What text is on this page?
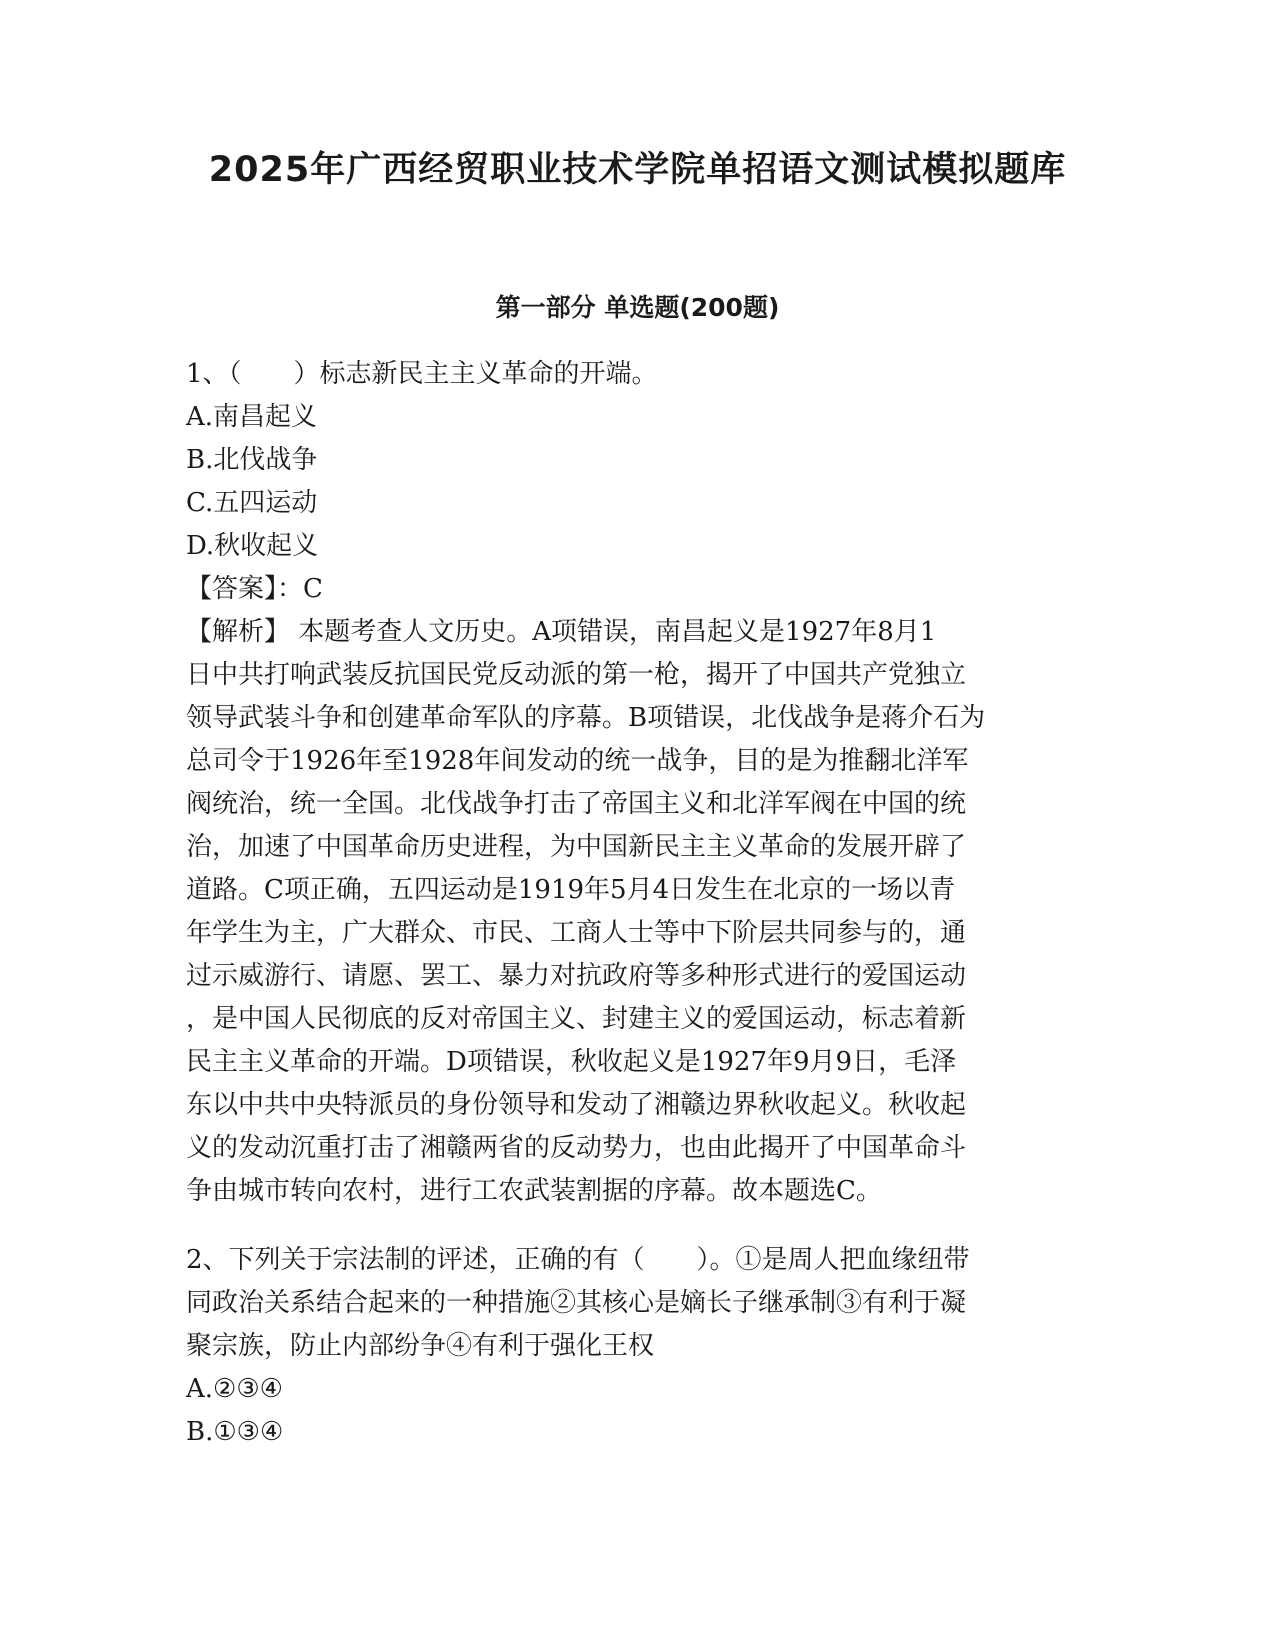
2025年广西经贸职业技术学院单招语文测试模拟题库
第一部分 单选题(200题)
1、（　　）标志新民主主义革命的开端。
A.南昌起义
B.北伐战争
C.五四运动
D.秋收起义
【答案】：C
【解析】 本题考查人文历史。A项错误，南昌起义是1927年8月1
日中共打响武装反抗国民党反动派的第一枪，揭开了中国共产党独立
领导武装斗争和创建革命军队的序幕。B项错误，北伐战争是蒋介石为
总司令于1926年至1928年间发动的统一战争，目的是为推翻北洋军
阀统治，统一全国。北伐战争打击了帝国主义和北洋军阀在中国的统
治，加速了中国革命历史进程，为中国新民主主义革命的发展开辟了
道路。C项正确，五四运动是1919年5月4日发生在北京的一场以青
年学生为主，广大群众、市民、工商人士等中下阶层共同参与的，通
过示威游行、请愿、罢工、暴力对抗政府等多种形式进行的爱国运动
，是中国人民彻底的反对帝国主义、封建主义的爱国运动，标志着新
民主主义革命的开端。D项错误，秋收起义是1927年9月9日，毛泽
东以中共中央特派员的身份领导和发动了湘赣边界秋收起义。秋收起
义的发动沉重打击了湘赣两省的反动势力，也由此揭开了中国革命斗
争由城市转向农村，进行工农武装割据的序幕。故本题选C。
2、下列关于宗法制的评述，正确的有（　　）。①是周人把血缘纽带
同政治关系结合起来的一种措施②其核心是嫡长子继承制③有利于凝
聚宗族，防止内部纷争④有利于强化王权
A.②③④
B.①③④
